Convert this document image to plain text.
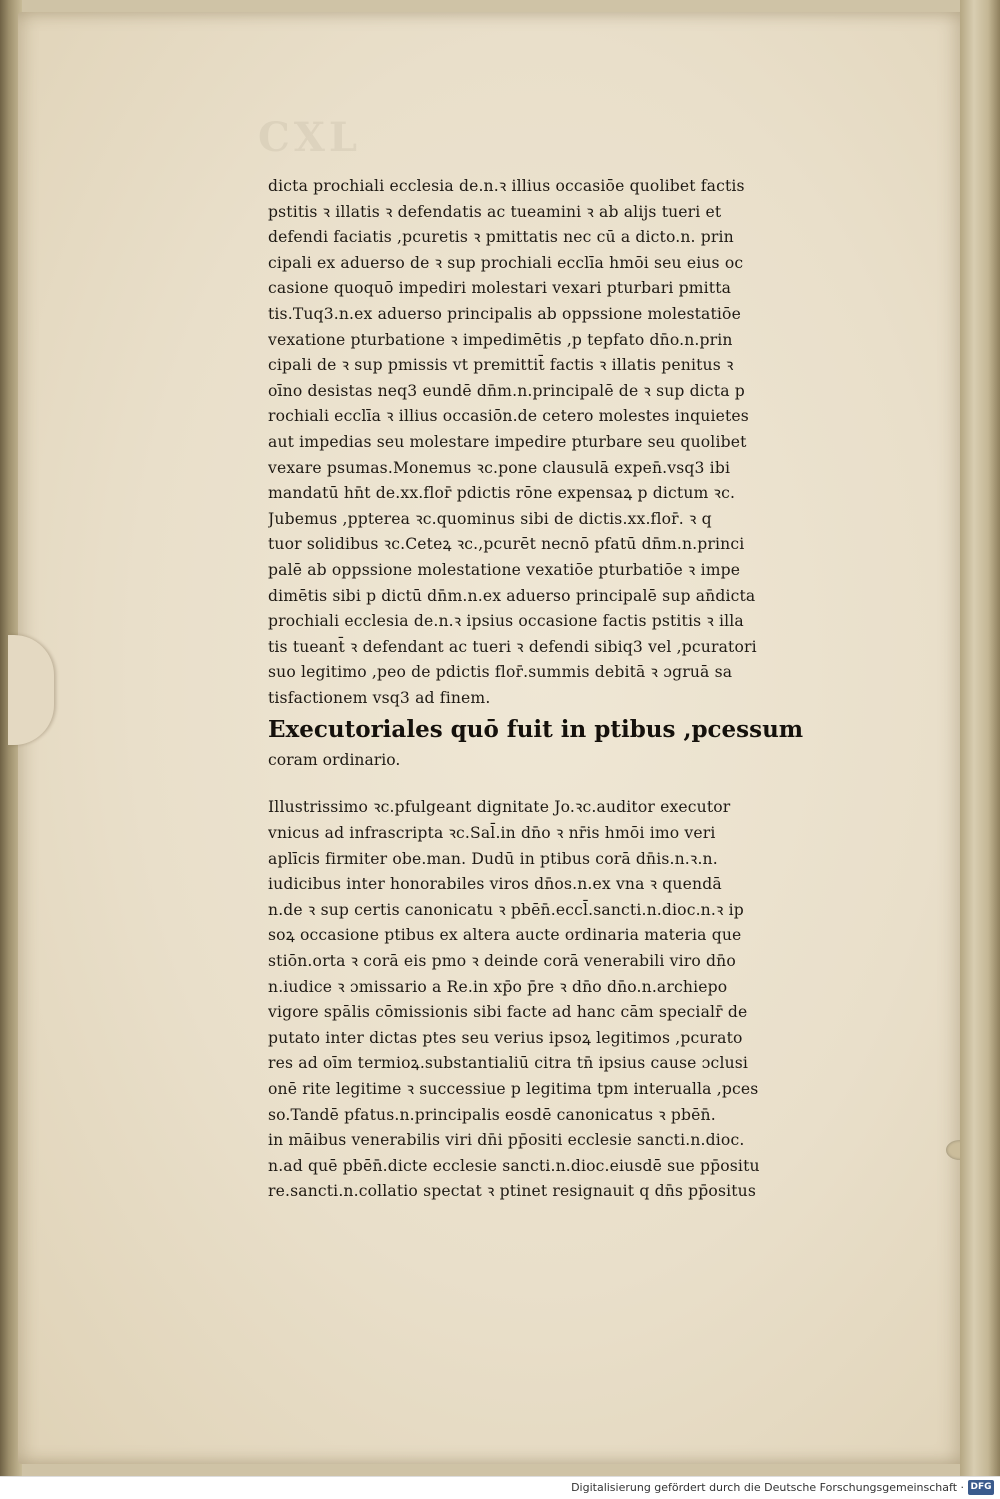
CXL
dicta prochiali ecclesia de.n.ꝛ illius occasiōe quolibet factis
pstitis ꝛ illatis ꝛ defendatis ac tueamini ꝛ ab alijs tueri et
defendi faciatis ,pcuretis ꝛ pmittatis nec cū a dicto.n. prin
cipali ex aduerso de ꝛ sup prochiali ecclīa hmōi seu eius oc
casione quoquō impediri molestari vexari pturbari pmitta
tis.Tuq3.n.ex aduerso principalis ab oppssione molestatiōe
vexatione pturbatione ꝛ impedimētis ,p tepfato dn̄o.n.prin
cipali de ꝛ sup pmissis vt premittit̄ factis ꝛ illatis penitus ꝛ
oīno desistas neq3 eundē dn̄m.n.principalē de ꝛ sup dicta p
rochiali ecclīa ꝛ illius occasiōn.de cetero molestes inquietes
aut impedias seu molestare impedire pturbare seu quolibet
vexare psumas.Monemus ꝛc.pone clausulā expen̄.vsq3 ibi
mandatū hn̄t de.xx.flor̄ pdictis rōne expensaꝝ p dictum ꝛc.
Jubemus ,pptereа ꝛc.quominus sibi de dictis.xx.flor̄. ꝛ q
tuor solidibus ꝛc.Ceteꝝ ꝛc.,pcurēt necnō pfatū dn̄m.n.princi
palē ab oppssione molestatione vexatiōe pturbatiōe ꝛ impe
dimētis sibi p dictū dn̄m.n.ex aduerso principalē sup an̄dicta
prochiali ecclesia de.n.ꝛ ipsius occasione factis pstitis ꝛ illa
tis tueant̄ ꝛ defendant ac tueri ꝛ defendi sibiq3 vel ,pcuratori
suo legitimo ,peo de pdictis flor̄.summis debitā ꝛ ɔgruā sa
tisfactionem vsq3 ad finem.
Executoriales quō fuit in ptibus ,pcessum
coram ordinario.
Illustrissimo ꝛc.pfulgeant dignitate Jo.ꝛc.auditor executor
vnicus ad infrascripta ꝛc.Sal̄.in dn̄o ꝛ nr̄is hmōi imo veri
aplīcis firmiter obe.man. Dudū in ptibus corā dn̄is.n.ꝛ.n.
iudicibus inter honorabiles viros dn̄os.n.ex vna ꝛ quendā
n.de ꝛ sup certis canonicatu ꝛ pbēn̄.eccl̄.sancti.n.dioc.n.ꝛ ip
soꝝ occasione ptibus ex altera aucte ordinaria materia que
stiōn.orta ꝛ corā eis pmo ꝛ deinde corā venerabili viro dn̄o
n.iudice ꝛ ɔmissario a Re.in xp̄o p̄re ꝛ dn̄o dn̄o.n.archiepo
vigore spālis cōmissionis sibi facte ad hanc cām specialr̄ de
putato inter dictas ptes seu verius ipsoꝝ legitimos ,pcurato
res ad oīm termioꝝ.substantialiū citra tn̄ ipsius cause ɔclusi
onē rite legitime ꝛ successiue p legitima tpm interualla ,pces
so.Tandē pfatus.n.principalis eosdē canonicatus ꝛ pbēn̄.
in māibus venerabilis viri dn̄i pp̄ositi ecclesie sancti.n.dioc.
n.ad quē pbēn̄.dicte ecclesie sancti.n.dioc.eiusdē sue pp̄ositu
re.sancti.n.collatio spectat ꝛ ptinet resignauit q dn̄s pp̄ositus
Digitalisierung gefördert durch die Deutsche Forschungsgemeinschaft · DFG
